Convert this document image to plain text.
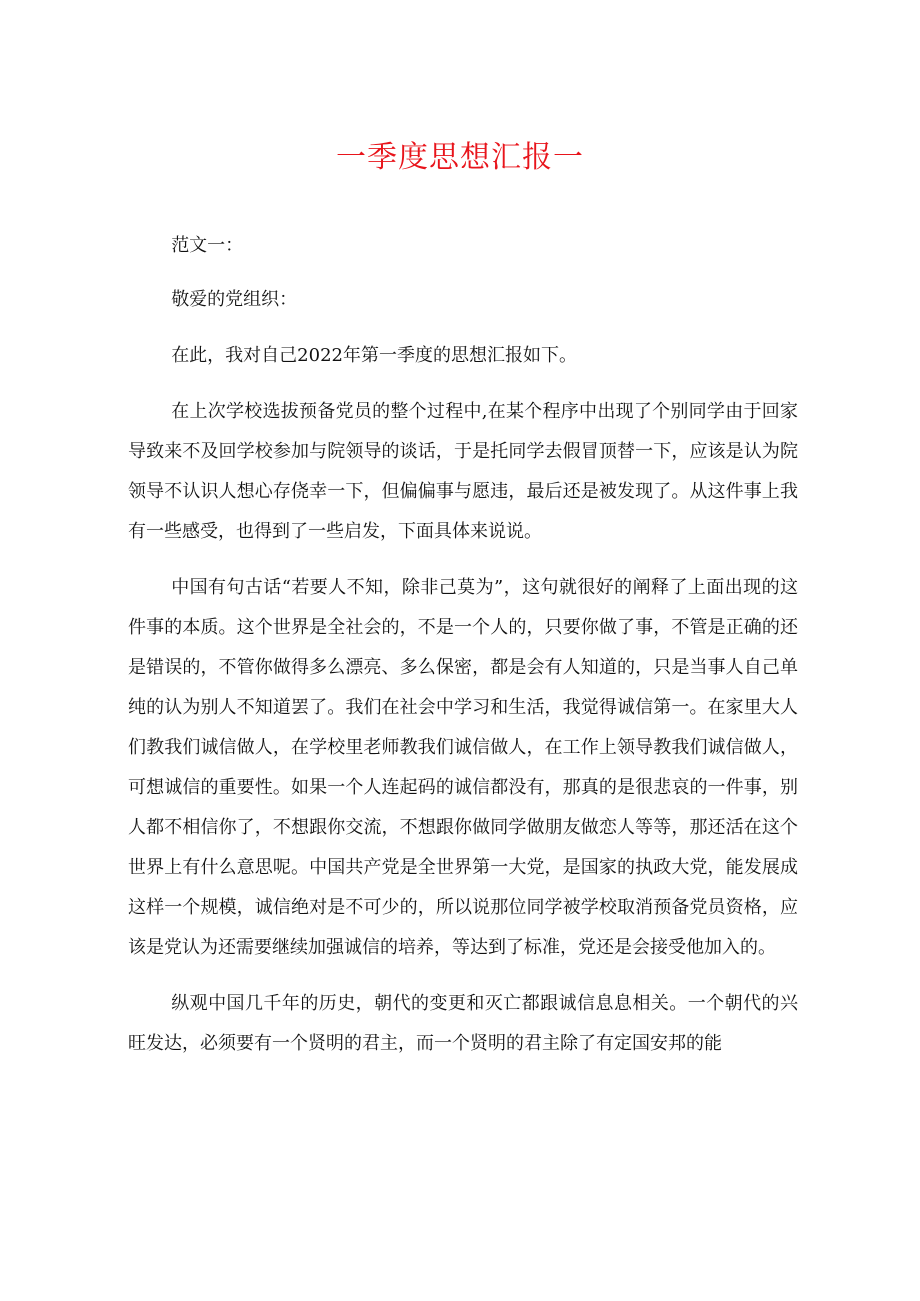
一季度思想汇报一

范文一：

敬爱的党组织：

在此，我对自己2022年第一季度的思想汇报如下。

在上次学校选拔预备党员的整个过程中,在某个程序中出现了个别同学由于回家导致来不及回学校参加与院领导的谈话，于是托同学去假冒顶替一下，应该是认为院领导不认识人想心存侥幸一下，但偏偏事与愿违，最后还是被发现了。从这件事上我有一些感受，也得到了一些启发，下面具体来说说。

中国有句古话“若要人不知，除非己莫为”，这句就很好的阐释了上面出现的这件事的本质。这个世界是全社会的，不是一个人的，只要你做了事，不管是正确的还是错误的，不管你做得多么漂亮、多么保密，都是会有人知道的，只是当事人自己单纯的认为别人不知道罢了。我们在社会中学习和生活，我觉得诚信第一。在家里大人们教我们诚信做人，在学校里老师教我们诚信做人，在工作上领导教我们诚信做人，可想诚信的重要性。如果一个人连起码的诚信都没有，那真的是很悲哀的一件事，别人都不相信你了，不想跟你交流，不想跟你做同学做朋友做恋人等等，那还活在这个世界上有什么意思呢。中国共产党是全世界第一大党，是国家的执政大党，能发展成这样一个规模，诚信绝对是不可少的，所以说那位同学被学校取消预备党员资格，应该是党认为还需要继续加强诚信的培养，等达到了标准，党还是会接受他加入的。

纵观中国几千年的历史，朝代的变更和灭亡都跟诚信息息相关。一个朝代的兴旺发达，必须要有一个贤明的君主，而一个贤明的君主除了有定国安邦的能
